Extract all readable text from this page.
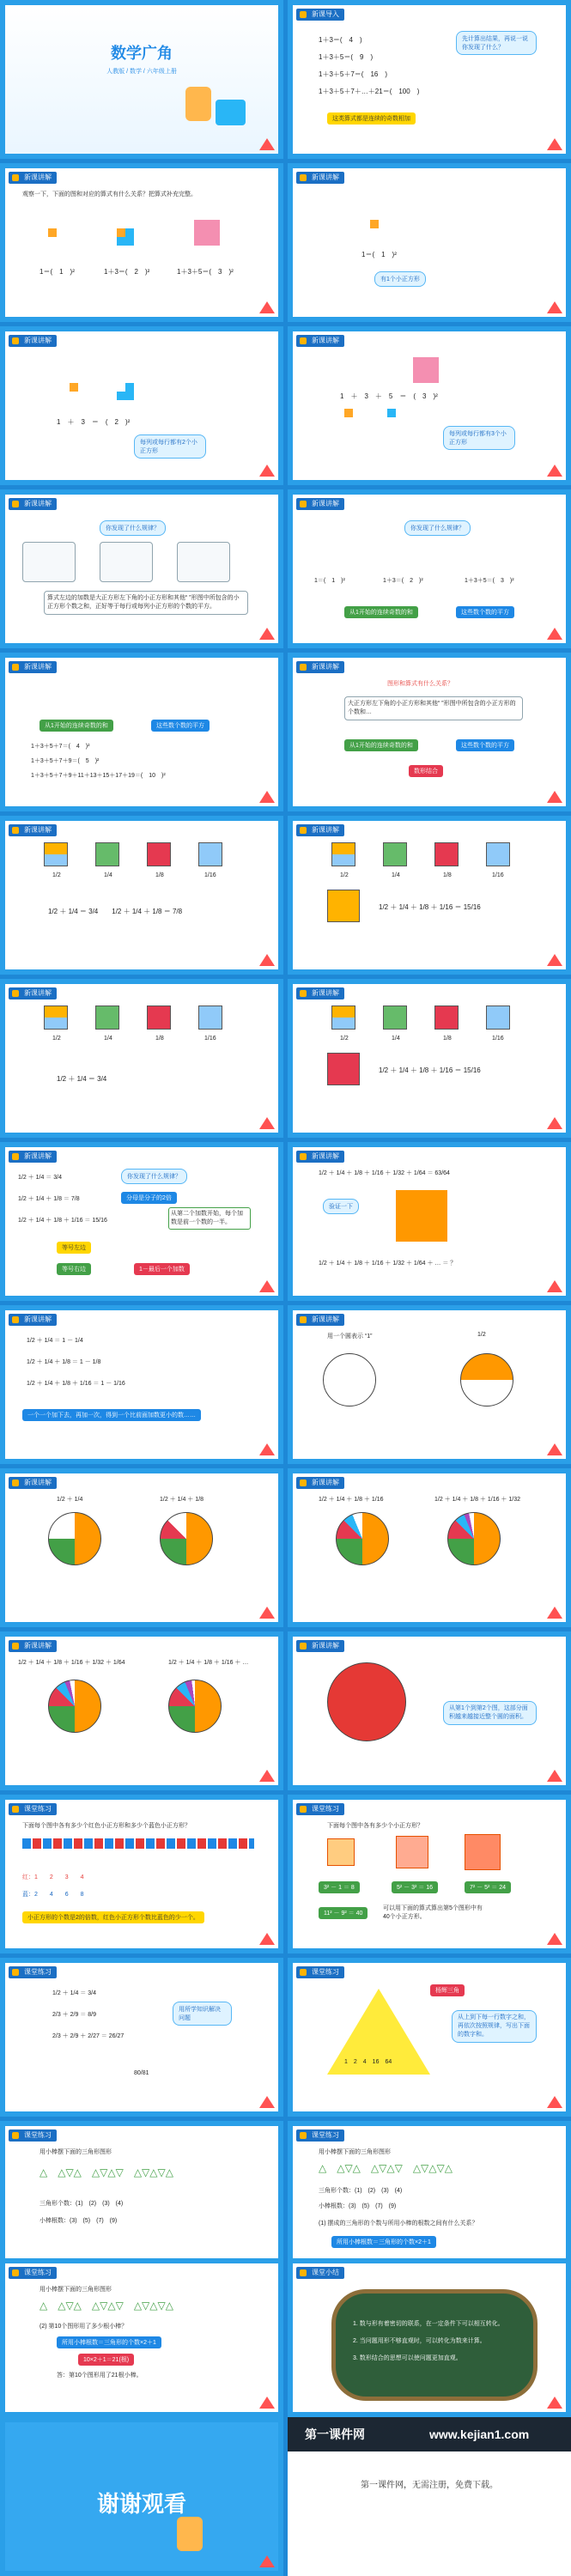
数学广角
人教版 / 数学 / 六年级上册
新课导入
1＋3＝(　4　)
1＋3＋5＝(　9　)
1＋3＋5＋7＝(　16　)
1＋3＋5＋7＋…＋21＝(　100　)
先计算出结果，再说一说你发现了什么？
这类算式都是连续的奇数相加
新课讲解
观察一下，下面的图和对应的算式有什么关系？把算式补充完整。
1＝(　1　)²	1＋3＝(　2　)²	1＋3＋5＝(　3　)²
新课讲解
1＝(　1　)²
有1个小正方形
新课讲解
1　＋　3　＝　(　2　)²
每列或每行都有2个小正方形
新课讲解
1　＋　3　＋　5　＝　(　3　)²
每列或每行都有3个小正方形
新课讲解
你发现了什么规律？
算式左边的加数是大正方形左下角的小正方形和其他“ ”形图中所包含的小正方形个数之和，正好等于每行或每列小正方形的个数的平方。
新课讲解
你发现了什么规律？
1＝(　1　)²	1＋3＝(　2　)²	1＋3＋5＝(　3　)²
从1开始的连续奇数的和	这些数个数的平方
新课讲解
从1开始的连续奇数的和	这些数个数的平方
1＋3＋5＋7＝(　4　)²
1＋3＋5＋7＋9＝(　5　)²
1＋3＋5＋7＋9＋11＋13＋15＋17＋19＝(　10　)²
新课讲解
图形和算式有什么关系？
大正方形左下角的小正方形和其他“ ”形图中所包含的小正方形的个数和…
从1开始的连续奇数的和	这些数个数的平方
数形结合
新课讲解
1/2	1/4	1/8	1/16
1/2 ＋ 1/4 ＝ 3/4　　1/2 ＋ 1/4 ＋ 1/8 ＝ 7/8
新课讲解
1/2	1/4	1/8	1/16
1/2 ＋ 1/4 ＋ 1/8 ＋ 1/16 ＝ 15/16
新课讲解
1/2	1/4	1/8	1/16
1/2 ＋ 1/4 ＝ 3/4
新课讲解
1/2	1/4	1/8	1/16
1/2 ＋ 1/4 ＋ 1/8 ＋ 1/16 ＝ 15/16
新课讲解
1/2 ＋ 1/4 ＝ 3/4
1/2 ＋ 1/4 ＋ 1/8 ＝ 7/8
1/2 ＋ 1/4 ＋ 1/8 ＋ 1/16 ＝ 15/16
你发现了什么规律？
分母是分子的2倍
从第二个加数开始，每个加数是前一个数的一半。
等号左边
等号右边	1－最后一个加数
新课讲解
1/2 ＋ 1/4 ＋ 1/8 ＋ 1/16 ＋ 1/32 ＋ 1/64 ＝ 63/64
验证一下
1/2 ＋ 1/4 ＋ 1/8 ＋ 1/16 ＋ 1/32 ＋ 1/64 ＋ … ＝ ？
新课讲解
1/2 ＋ 1/4 ＝ 1 － 1/4
1/2 ＋ 1/4 ＋ 1/8 ＝ 1 － 1/8
1/2 ＋ 1/4 ＋ 1/8 ＋ 1/16 ＝ 1 － 1/16
一个一个加下去，再加一次，得到一个比前面加数更小的数……
新课讲解
用一个圆表示 “1”	1/2
新课讲解
1/2 ＋ 1/4	1/2 ＋ 1/4 ＋ 1/8
新课讲解
1/2 ＋ 1/4 ＋ 1/8 ＋ 1/16	1/2 ＋ 1/4 ＋ 1/8 ＋ 1/16 ＋ 1/32
新课讲解
1/2 ＋ 1/4 ＋ 1/8 ＋ 1/16 ＋ 1/32 ＋ 1/64	1/2 ＋ 1/4 ＋ 1/8 ＋ 1/16 ＋ …
新课讲解
从第1个到第2个图，这部分面积越来越接近整个圆的面积。
课堂练习
下面每个图中各有多少个红色小正方形和多少个蓝色小正方形？
红：1　　2　　3　　4
蓝：2　　4　　6　　8
小正方形的个数是2的倍数，红色小正方形个数比蓝色的少一个。
课堂练习
下面每个图中各有多少个小正方形？
3² － 1 ＝ 8	5² － 3² ＝ 16	7² － 5² ＝ 24
11² － 9² ＝ 40
可以用下面的算式算出第5个图形中有40个小正方形。
课堂练习
1/2 ＋ 1/4 ＝ 3/4
2/3 ＋ 2/9 ＝ 8/9
2/3 ＋ 2/9 ＋ 2/27 ＝ 26/27
用所学知识解决问题
80/81
课堂练习
杨辉三角
1　2　4　16　64
从上到下每一行数字之和，再依次按照规律，写出下面的数字和。
课堂练习
用小棒摆下面的三角形图形
△　△▽△　△▽△▽　△▽△▽△
三角形个数：(1)　(2)　(3)　(4)
小棒根数：(3)　(5)　(7)　(9)
课堂练习
用小棒摆下面的三角形图形
△　△▽△　△▽△▽　△▽△▽△
三角形个数：(1)　(2)　(3)　(4)
小棒根数：(3)　(5)　(7)　(9)
(1) 摆成的三角形的个数与所用小棒的根数之间有什么关系？
所用小棒根数＝三角形的个数×2＋1
课堂练习
用小棒摆下面的三角形图形
△　△▽△　△▽△▽　△▽△▽△
(2) 第10个图形用了多少根小棒？
所用小棒根数＝三角形的个数×2＋1
10×2＋1＝21(根)
答：第10个图形用了21根小棒。
课堂小结
1. 数与形有着密切的联系，在一定条件下可以相互转化。
2. 当问题用形不够直观时，可以转化为数来计算。
3. 数形结合的思想可以使问题更加直观。
谢谢观看
第一课件网	www.kejian1.com
第一课件网，无需注册，免费下载。
